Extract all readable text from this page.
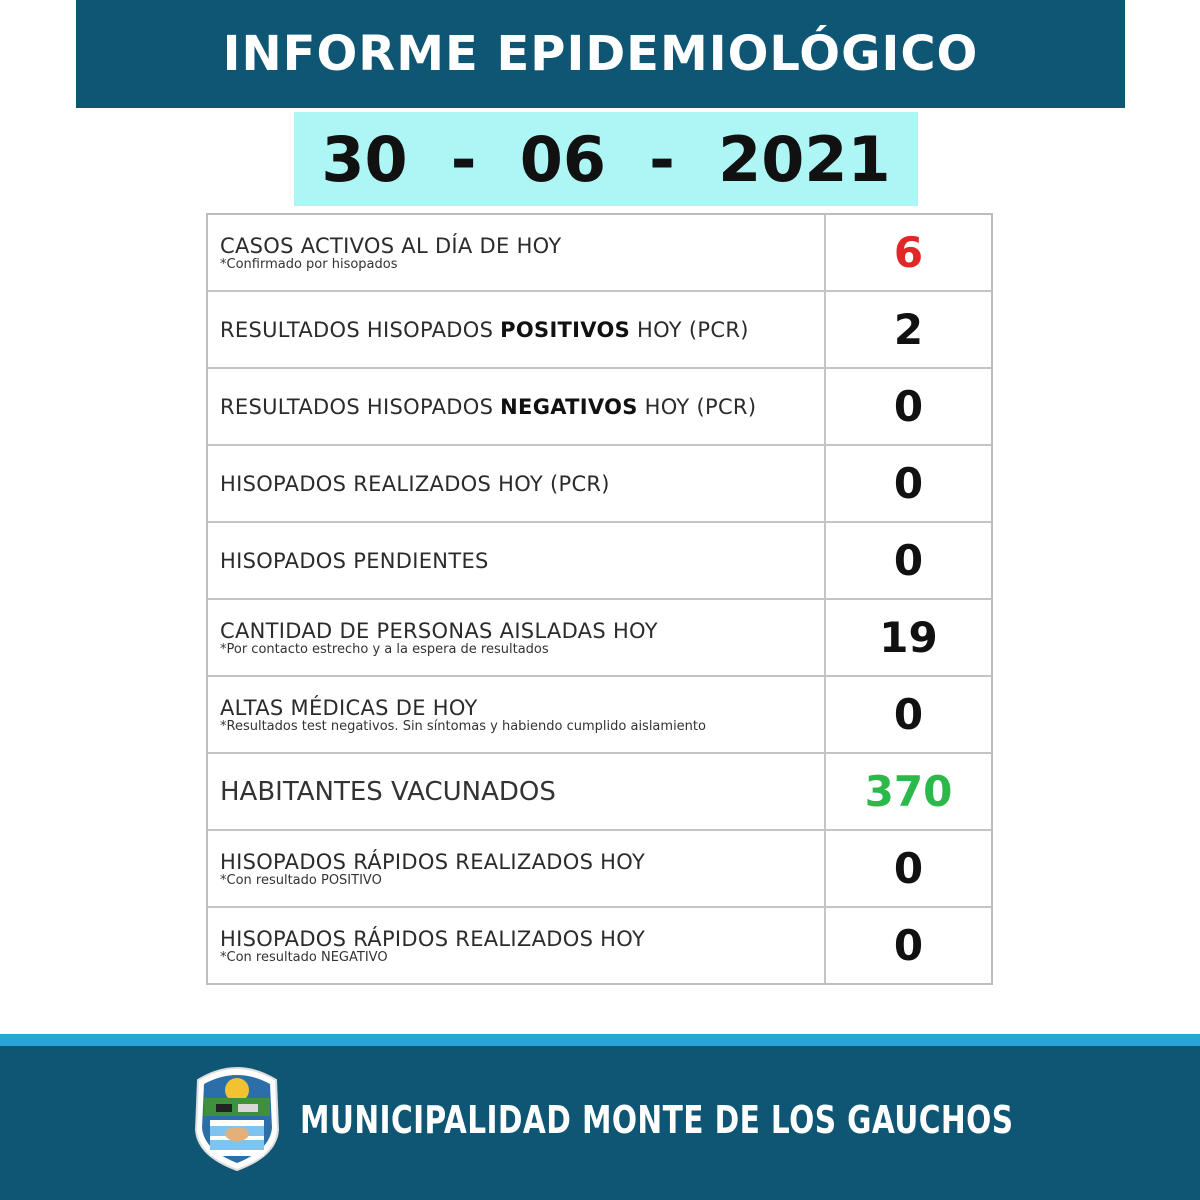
INFORME EPIDEMIOLÓGICO
30  -  06  -  2021
CASOS ACTIVOS AL DÍA DE HOY
*Confirmado por hisopados	6
RESULTADOS HISOPADOS POSITIVOS HOY (PCR)	2
RESULTADOS HISOPADOS NEGATIVOS HOY (PCR)	0
HISOPADOS REALIZADOS HOY (PCR)	0
HISOPADOS PENDIENTES	0
CANTIDAD DE PERSONAS AISLADAS HOY
*Por contacto estrecho y a la espera de resultados	19
ALTAS MÉDICAS DE HOY
*Resultados test negativos. Sin síntomas y habiendo cumplido aislamiento	0
HABITANTES VACUNADOS	370
HISOPADOS RÁPIDOS REALIZADOS HOY
*Con resultado POSITIVO	0
HISOPADOS RÁPIDOS REALIZADOS HOY
*Con resultado NEGATIVO	0
MUNICIPALIDAD MONTE DE LOS GAUCHOS
